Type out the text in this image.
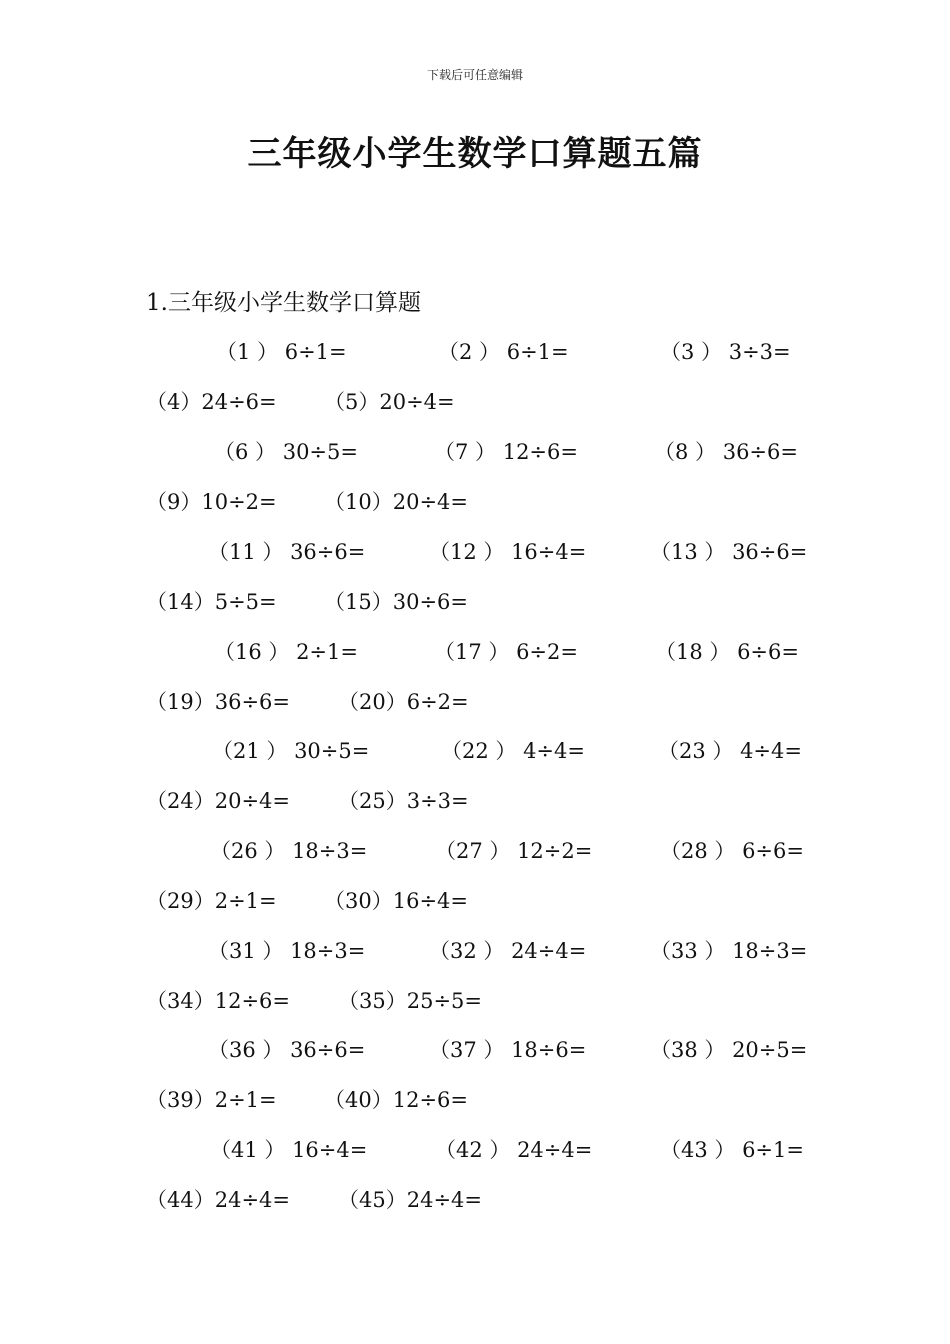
下载后可任意编辑
三年级小学生数学口算题五篇
1.三年级小学生数学口算题
（1 ） 6÷1=	（2 ） 6÷1=	（3 ） 3÷3=
（4）24÷6= （5）20÷4=
（6 ） 30÷5=	（7 ） 12÷6=	（8 ） 36÷6=
（9）10÷2= （10）20÷4=
（11 ） 36÷6=	（12 ） 16÷4=	（13 ） 36÷6=
（14）5÷5= （15）30÷6=
（16 ） 2÷1=	（17 ） 6÷2=	（18 ） 6÷6=
（19）36÷6= （20）6÷2=
（21 ） 30÷5=	（22 ） 4÷4=	（23 ） 4÷4=
（24）20÷4= （25）3÷3=
（26 ） 18÷3=	（27 ） 12÷2=	（28 ） 6÷6=
（29）2÷1= （30）16÷4=
（31 ） 18÷3=	（32 ） 24÷4=	（33 ） 18÷3=
（34）12÷6= （35）25÷5=
（36 ） 36÷6=	（37 ） 18÷6=	（38 ） 20÷5=
（39）2÷1= （40）12÷6=
（41 ） 16÷4=	（42 ） 24÷4=	（43 ） 6÷1=
（44）24÷4= （45）24÷4=
